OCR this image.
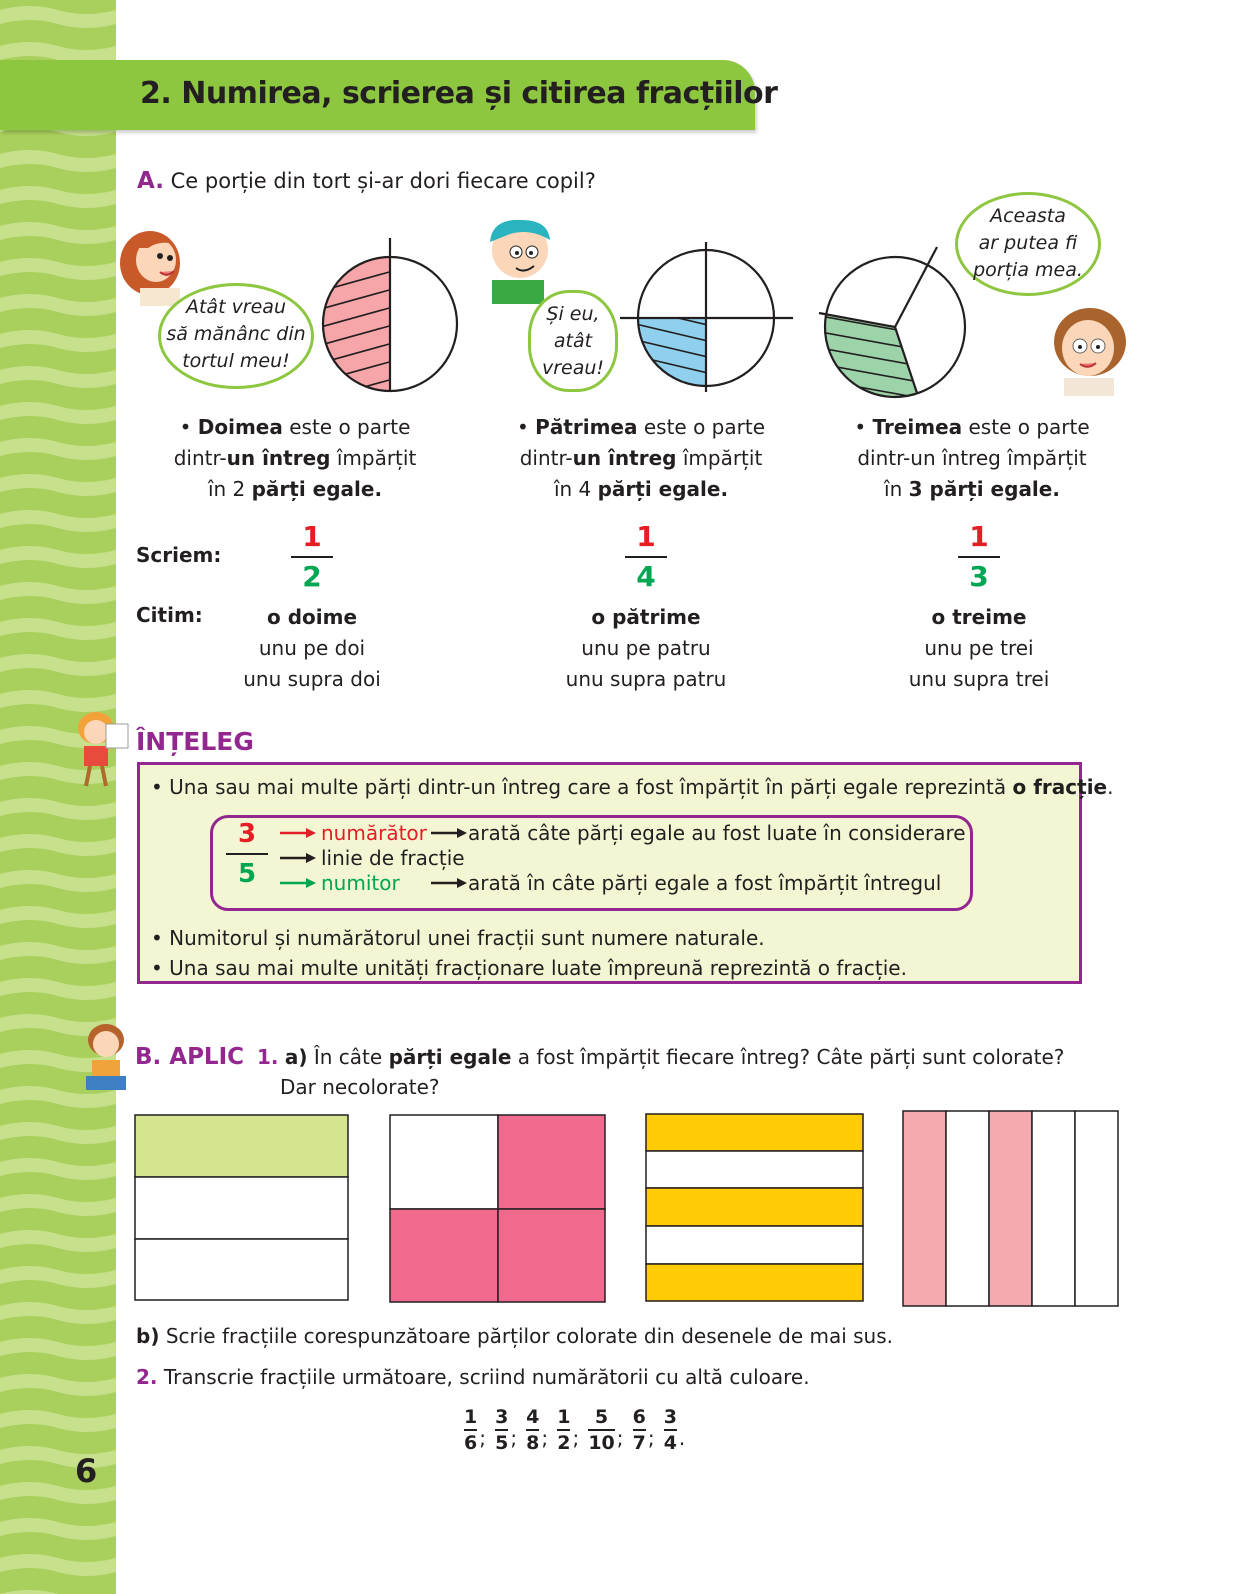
2. Numirea, scrierea și citirea fracțiilor
A. Ce porție din tort și-ar dori fiecare copil?
Atât vreau
să mănânc din
tortul meu!
Și eu,
atât
vreau!
Aceasta
ar putea fi
porția mea.
• Doimea este o parte
dintr-un întreg împărțit
în 2 părți egale.
• Pătrimea este o parte
dintr-un întreg împărțit
în 4 părți egale.
• Treimea este o parte
dintr-un întreg împărțit
în 3 părți egale.
Scriem:
Citim:
1
2
1
4
1
3
o doime
unu pe doi
unu supra doi
o pătrime
unu pe patru
unu supra patru
o treime
unu pe trei
unu supra trei
ÎNȚELEG
• Una sau mai multe părți dintr-un întreg care a fost împărțit în părți egale reprezintă o fracție.
3
5
numărător arată câte părți egale au fost luate în considerare
linie de fracție
numitor	arată în câte părți egale a fost împărțit întregul
• Numitorul și numărătorul unei fracții sunt numere naturale.
• Una sau mai multe unități fracționare luate împreună reprezintă o fracție.
B. APLIC 1. a) În câte părți egale a fost împărțit fiecare întreg? Câte părți sunt colorate?
Dar necolorate?
b) Scrie fracțiile corespunzătoare părților colorate din desenele de mai sus.
2. Transcrie fracțiile următoare, scriind numărătorii cu altă culoare.
$\frac{1}{6}$ ; $\frac{3}{5}$ ; $\frac{4}{8}$ ; $\frac{1}{2}$ ; $\frac{5}{10}$ ; $\frac{6}{7}$ ; $\frac{3}{4}$ .
6
